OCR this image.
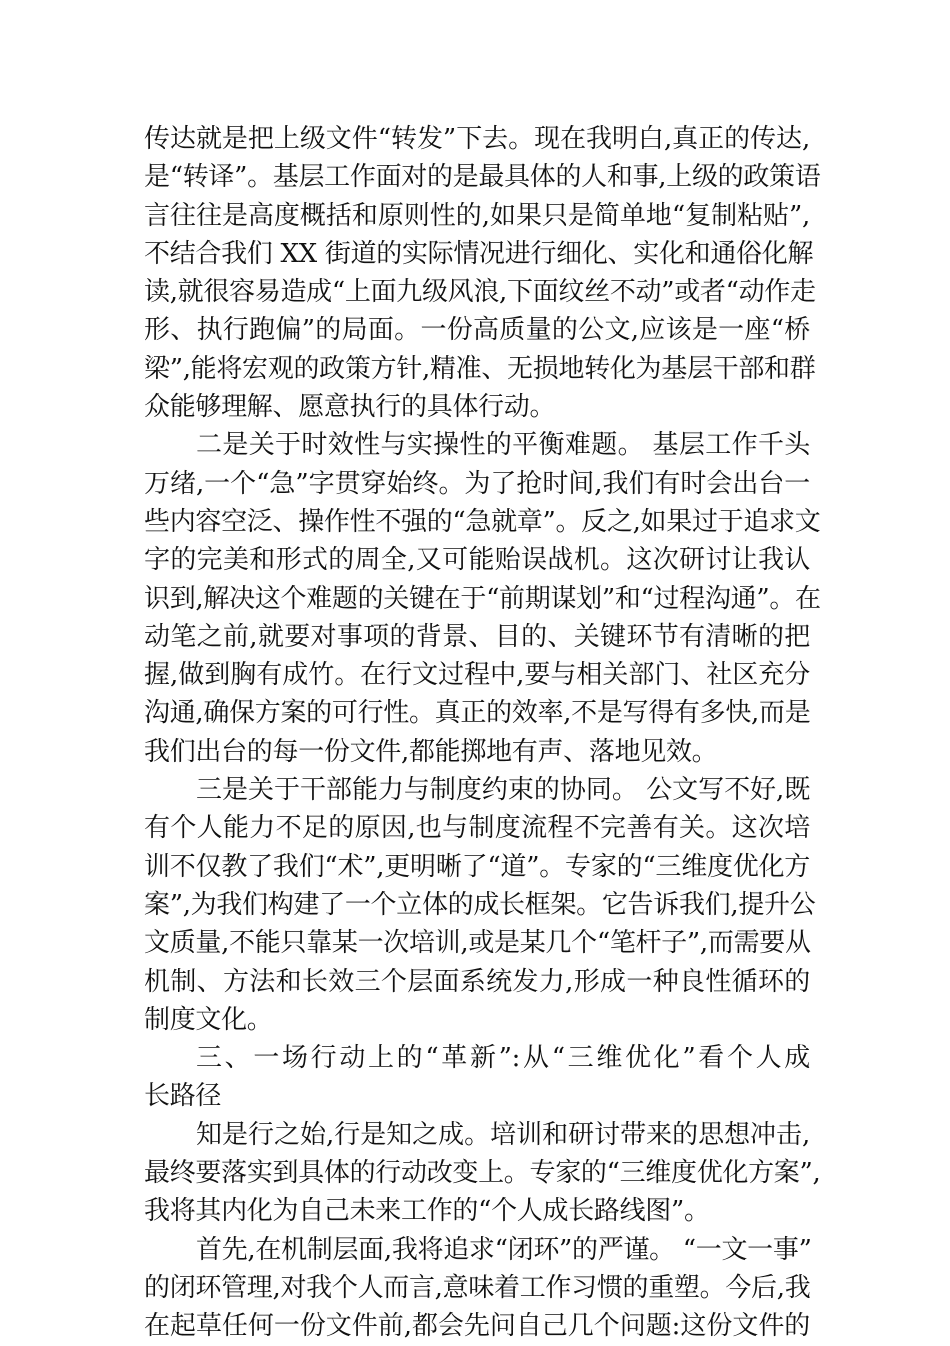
传达就是把上级文件“转发”下去。现在我明白,真正的传达,
是“转译”。基层工作面对的是最具体的人和事,上级的政策语
言往往是高度概括和原则性的,如果只是简单地“复制粘贴”,
不结合我们 XX 街道的实际情况进行细化、实化和通俗化解
读,就很容易造成“上面九级风浪,下面纹丝不动”或者“动作走
形、执行跑偏”的局面。一份高质量的公文,应该是一座“桥
梁”,能将宏观的政策方针,精准、无损地转化为基层干部和群
众能够理解、愿意执行的具体行动。
二是关于时效性与实操性的平衡难题。 基层工作千头
万绪,一个“急”字贯穿始终。为了抢时间,我们有时会出台一
些内容空泛、操作性不强的“急就章”。反之,如果过于追求文
字的完美和形式的周全,又可能贻误战机。这次研讨让我认
识到,解决这个难题的关键在于“前期谋划”和“过程沟通”。在
动笔之前,就要对事项的背景、目的、关键环节有清晰的把
握,做到胸有成竹。在行文过程中,要与相关部门、社区充分
沟通,确保方案的可行性。真正的效率,不是写得有多快,而是
我们出台的每一份文件,都能掷地有声、落地见效。
三是关于干部能力与制度约束的协同。 公文写不好,既
有个人能力不足的原因,也与制度流程不完善有关。这次培
训不仅教了我们“术”,更明晰了“道”。专家的“三维度优化方
案”,为我们构建了一个立体的成长框架。它告诉我们,提升公
文质量,不能只靠某一次培训,或是某几个“笔杆子”,而需要从
机制、方法和长效三个层面系统发力,形成一种良性循环的
制度文化。
三、一场行动上的“革新”:从“三维优化”看个人成
长路径
知是行之始,行是知之成。培训和研讨带来的思想冲击,
最终要落实到具体的行动改变上。专家的“三维度优化方案”,
我将其内化为自己未来工作的“个人成长路线图”。
首先,在机制层面,我将追求“闭环”的严谨。 “一文一事”
的闭环管理,对我个人而言,意味着工作习惯的重塑。今后,我
在起草任何一份文件前,都会先问自己几个问题:这份文件的
